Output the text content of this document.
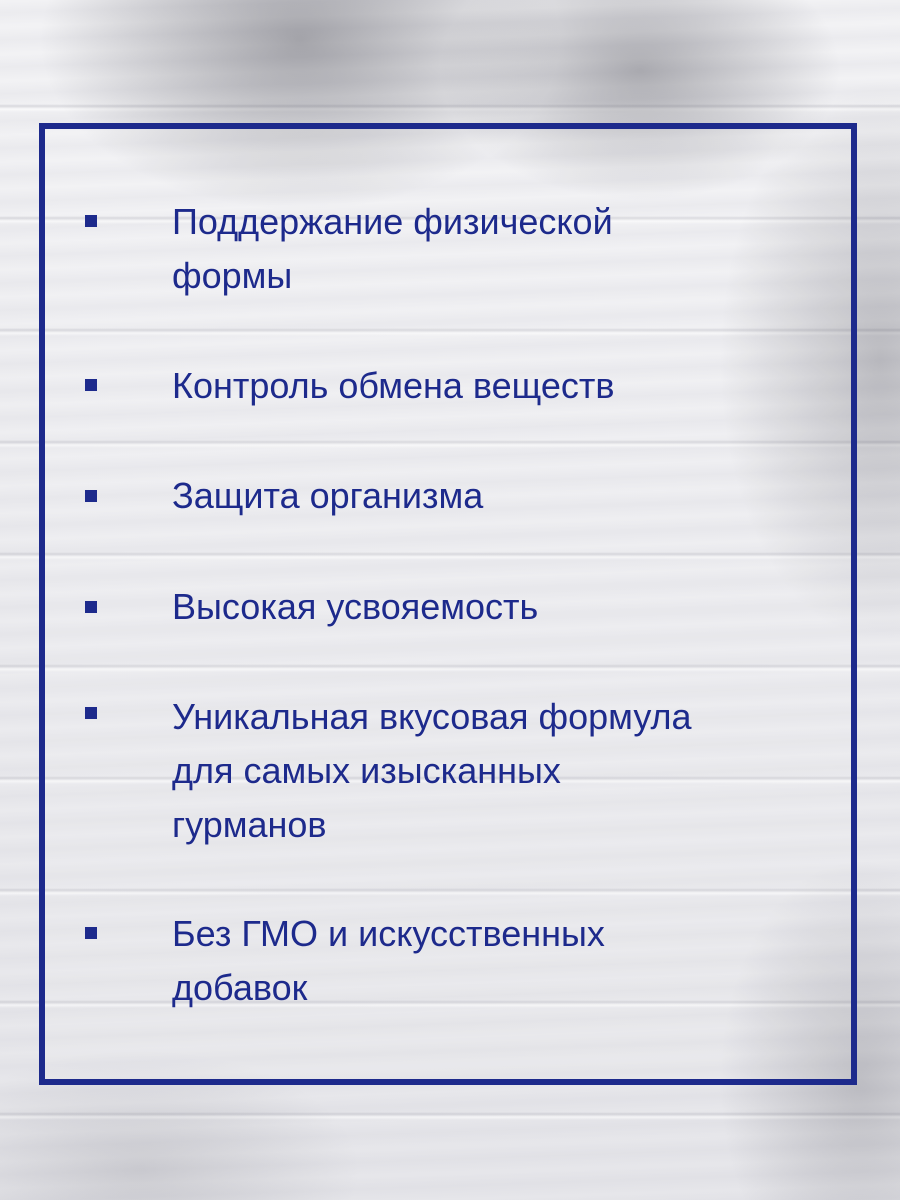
Поддержание физической
формы
Контроль обмена веществ
Защита организма
Высокая усвояемость
Уникальная вкусовая формула
для самых изысканных
гурманов
Без ГМО и искусственных
добавок
